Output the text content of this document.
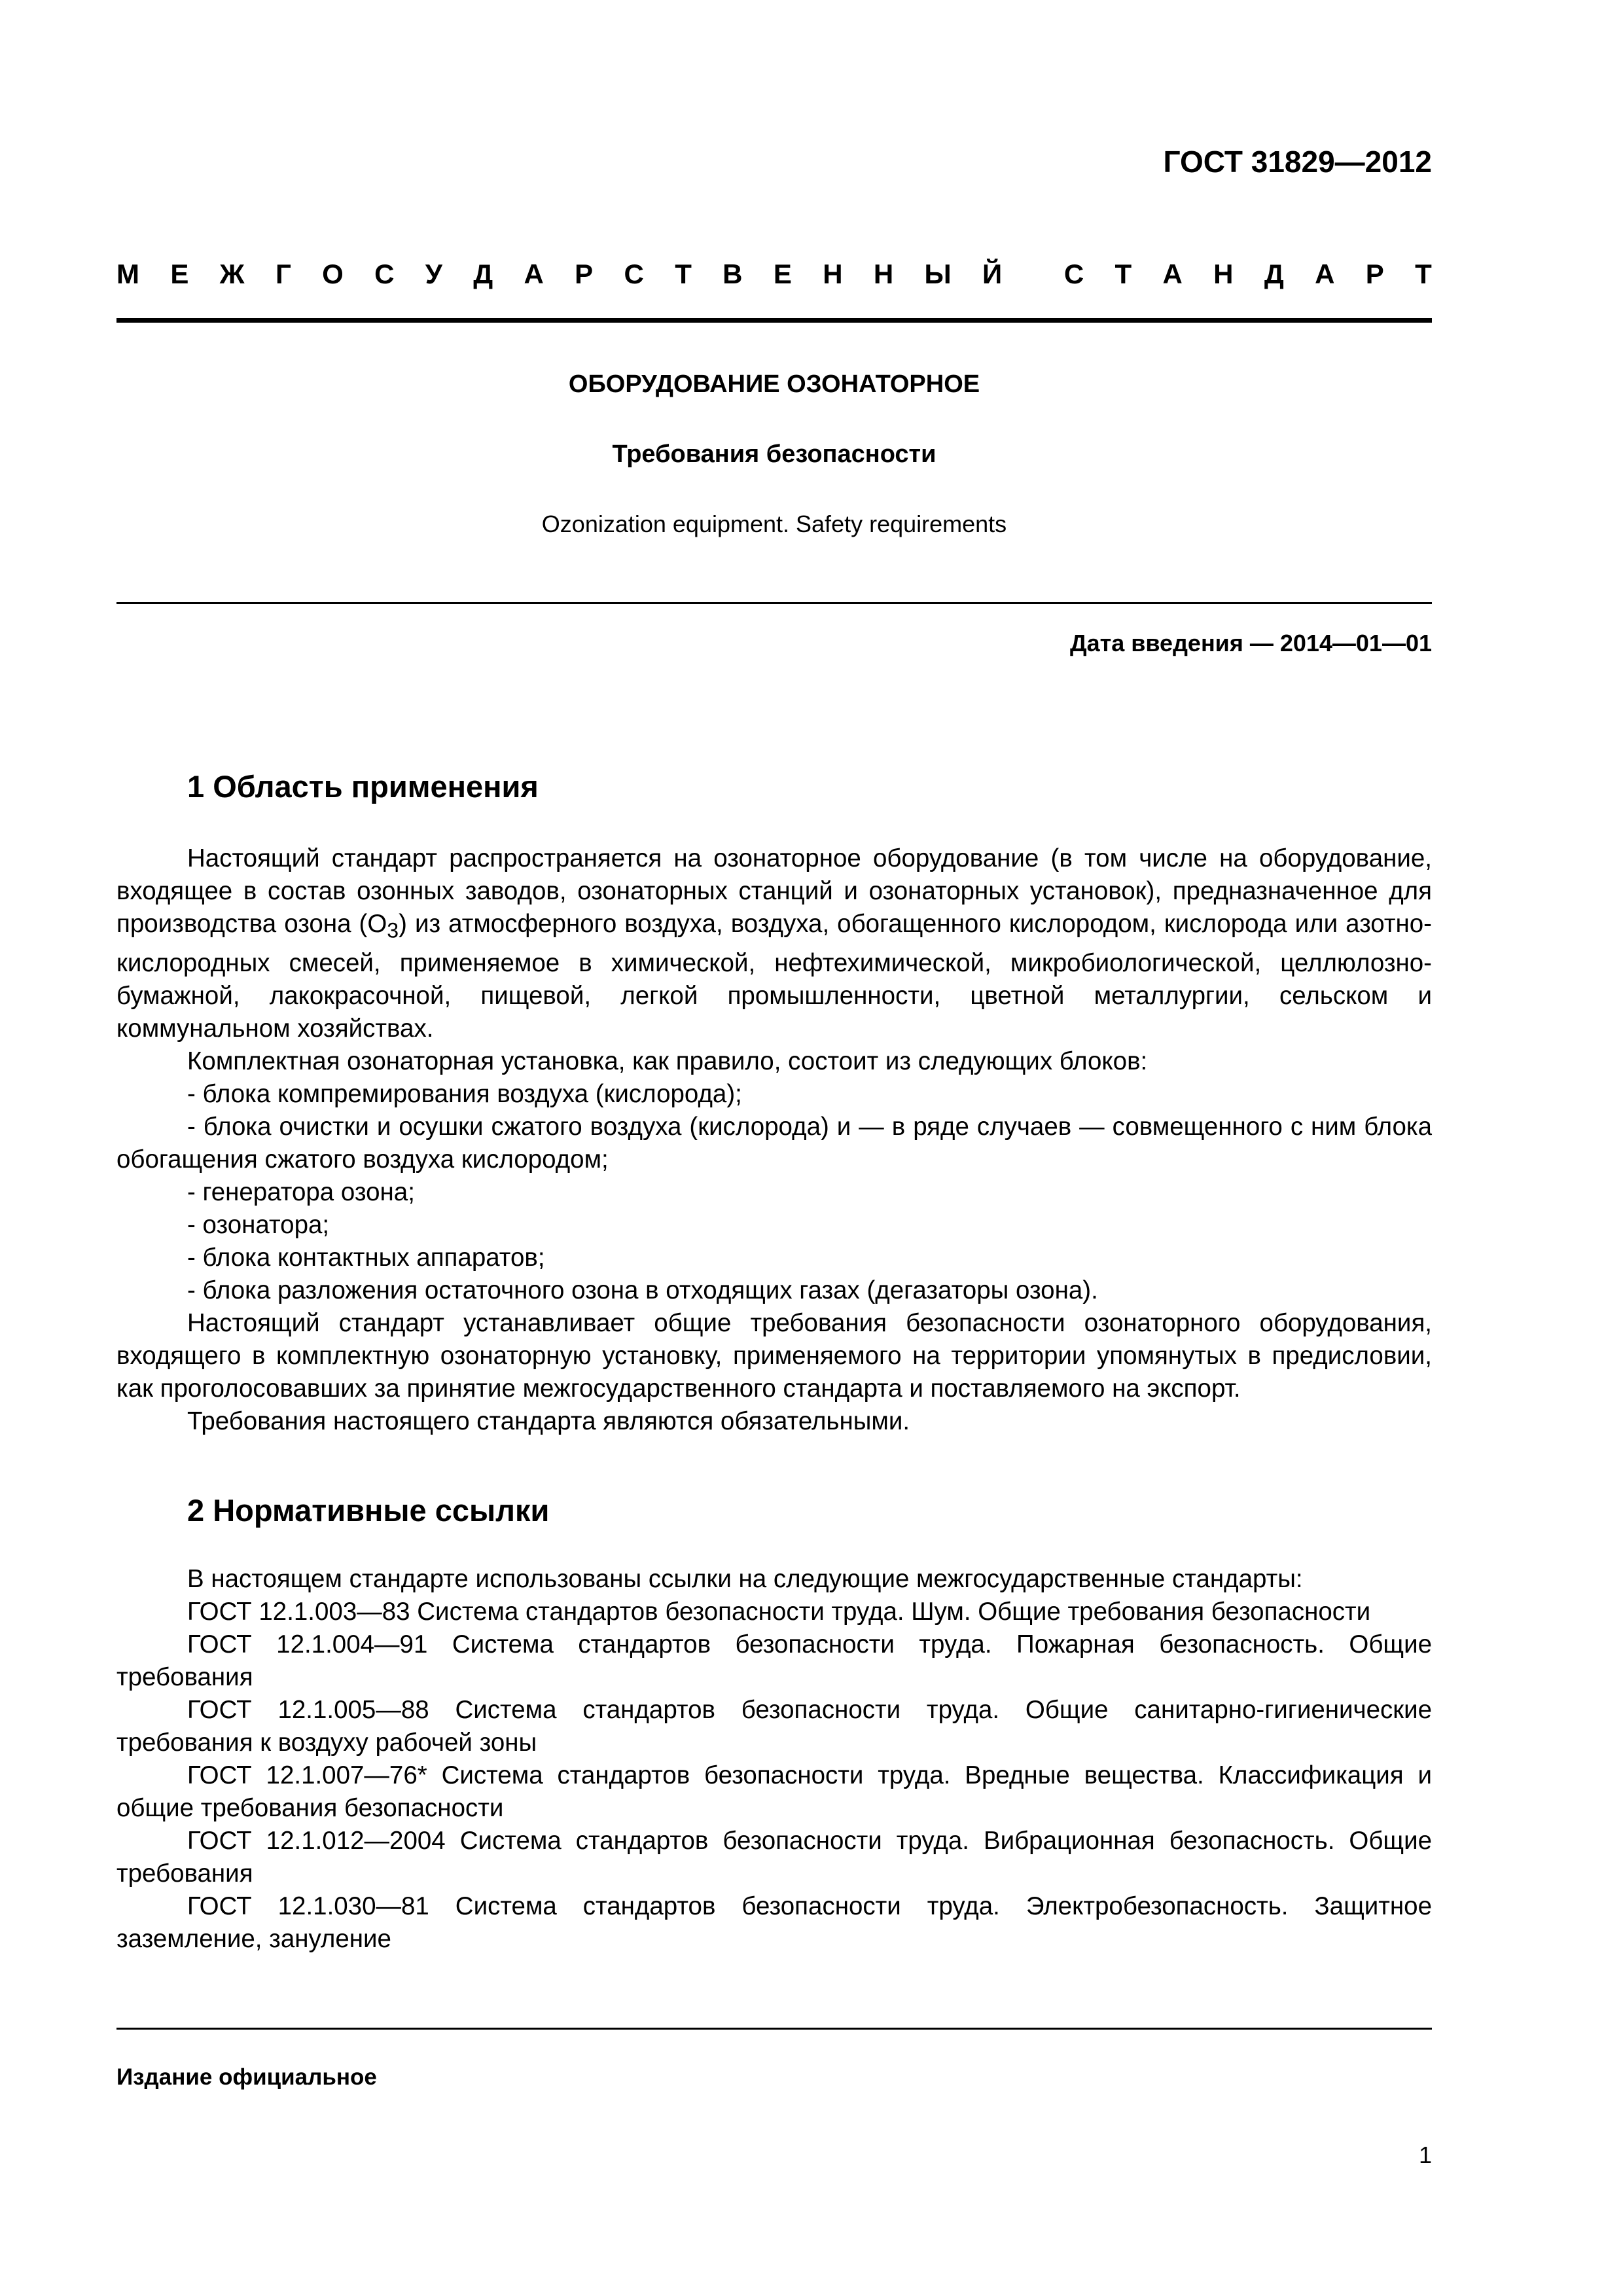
ГОСТ 31829—2012
М Е Ж Г О С У Д А Р С Т В Е Н Н Ы Й С Т А Н Д А Р Т
ОБОРУДОВАНИЕ ОЗОНАТОРНОЕ
Требования безопасности
Ozonization equipment. Safety requirements
Дата введения — 2014—01—01
1 Область применения

Настоящий стандарт распространяется на озонаторное оборудование (в том числе на оборудование, входящее в состав озонных заводов, озонаторных станций и озонаторных установок), предназначенное для производства озона $(O_3)$ из атмосферного воздуха, воздуха, обогащенного кислородом, кислорода или азотно-кислородных смесей, применяемое в химической, нефтехимической, микробиологической, целлюлозно-бумажной, лакокрасочной, пищевой, легкой промышленности, цветной металлургии, сельском и коммунальном хозяйствах.

Комплектная озонаторная установка, как правило, состоит из следующих блоков:

- блока компремирования воздуха (кислорода);

- блока очистки и осушки сжатого воздуха (кислорода) и — в ряде случаев — совмещенного с ним блока обогащения сжатого воздуха кислородом;

- генератора озона;

- озонатора;

- блока контактных аппаратов;

- блока разложения остаточного озона в отходящих газах (дегазаторы озона).

Настоящий стандарт устанавливает общие требования безопасности озонаторного оборудования, входящего в комплектную озонаторную установку, применяемого на территории упомянутых в предисловии, как проголосовавших за принятие межгосударственного стандарта и поставляемого на экспорт.

Требования настоящего стандарта являются обязательными.

2 Нормативные ссылки

В настоящем стандарте использованы ссылки на следующие межгосударственные стандарты:

ГОСТ 12.1.003—83 Система стандартов безопасности труда. Шум. Общие требования безопасности

ГОСТ 12.1.004—91 Система стандартов безопасности труда. Пожарная безопасность. Общие требования

ГОСТ 12.1.005—88 Система стандартов безопасности труда. Общие санитарно-гигиенические требования к воздуху рабочей зоны

ГОСТ 12.1.007—76* Система стандартов безопасности труда. Вредные вещества. Классификация и общие требования безопасности

ГОСТ 12.1.012—2004 Система стандартов безопасности труда. Вибрационная безопасность. Общие требования

ГОСТ 12.1.030—81 Система стандартов безопасности труда. Электробезопасность. Защитное заземление, зануление

Издание официальное
1
